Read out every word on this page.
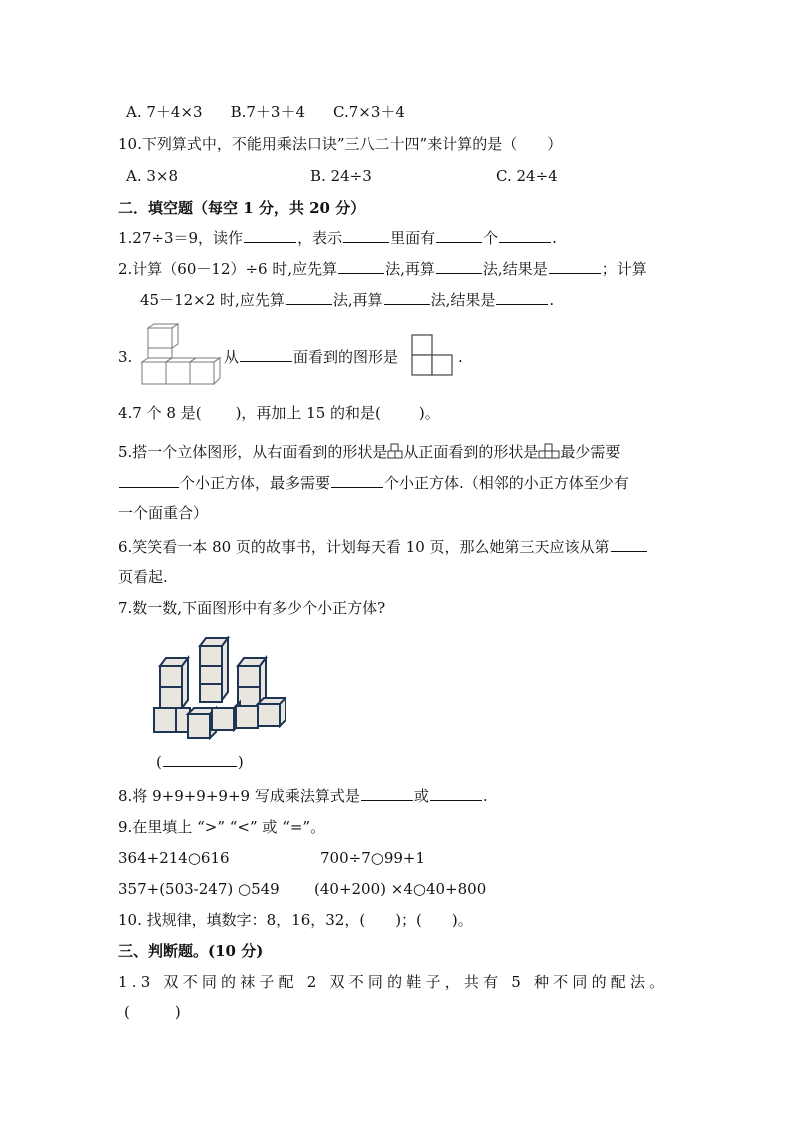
A. 7＋4×3 B.7＋3＋4 C.7×3＋4
10.下列算式中，不能用乘法口诀”三八二十四”来计算的是（　　）
A. 3×8	B. 24÷3	C. 24÷4
二．填空题（每空 1 分，共 20 分）
1.27÷3＝9，读作	，表示	里面有	个	.
2.计算（60－12）÷6 时,应先算	法,再算	法,结果是	；计算
45－12×2 时,应先算	法,再算	法,结果是	.
3.	从	面看到的图形是	.
4.7 个 8 是( )，再加上 15 的和是(	)。
5.搭一个立体图形，从右面看到的形状是 从正面看到的形状是 最少需要
个小正方体，最多需要	个小正方体.（相邻的小正方体至少有
一个面重合）
6.笑笑看一本 80 页的故事书，计划每天看 10 页，那么她第三天应该从第
页看起.
7.数一数,下面图形中有多少个小正方体?
(	)
8.将 9+9+9+9+9 写成乘法算式是	或	.
9.在里填上 “>” “<” 或 “=”。
364+214○616	700÷7○99+1
357+(503-247) ○549 (40+200) ×4○40+800
10. 找规律，填数字：8，16，32，( )；( )。
三、判断题。(10 分)
1.3 双不同的袜子配 2 双不同的鞋子，共有 5 种不同的配法。
(　　　)
